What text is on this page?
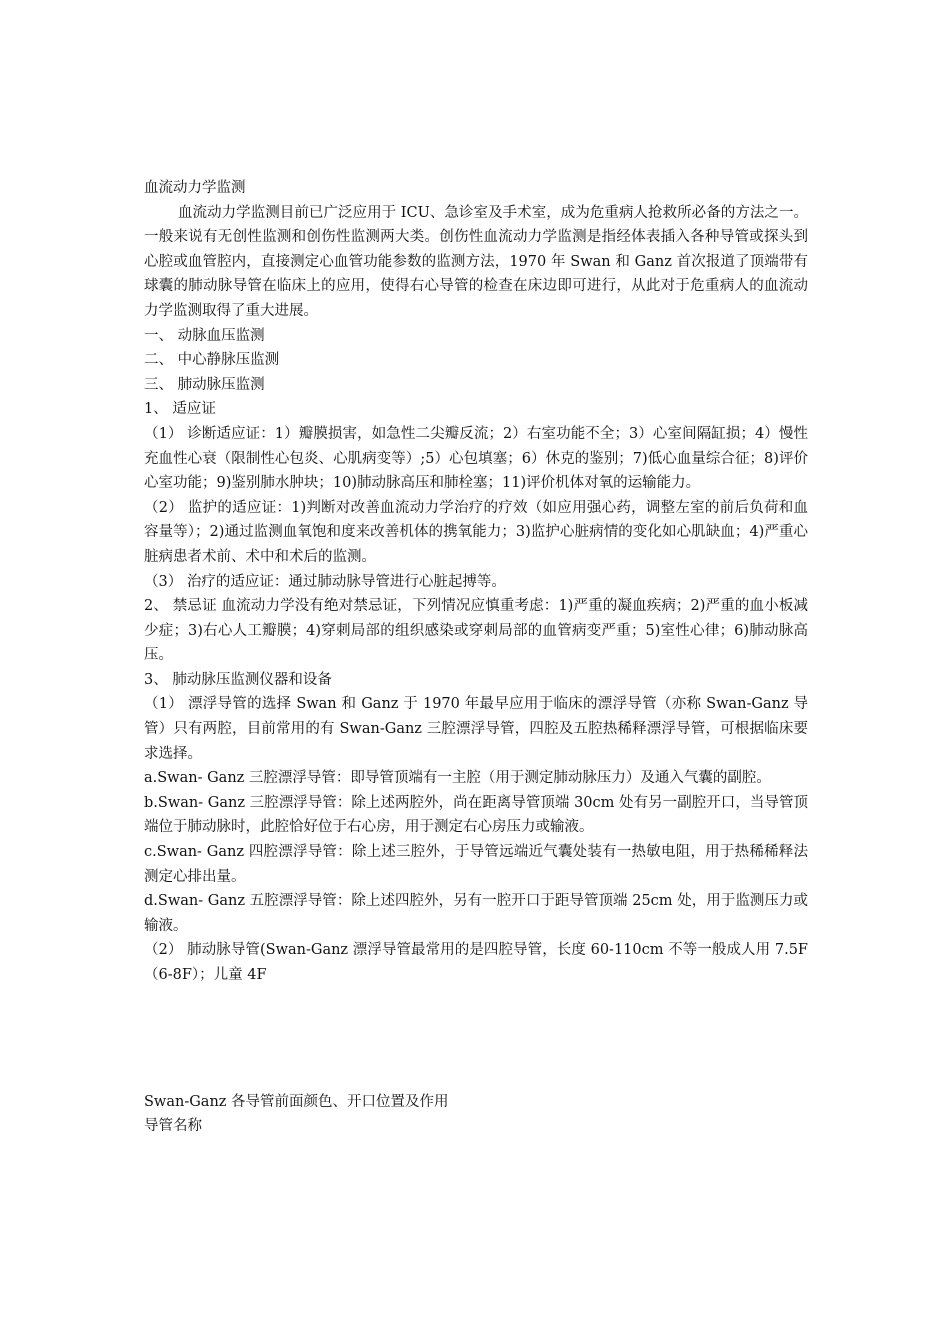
血流动力学监测

血流动力学监测目前已广泛应用于 ICU、急诊室及手术室，成为危重病人抢救所必备的方法之一。一般来说有无创性监测和创伤性监测两大类。创伤性血流动力学监测是指经体表插入各种导管或探头到心腔或血管腔内，直接测定心血管功能参数的监测方法，1970 年 Swan 和 Ganz 首次报道了顶端带有球囊的肺动脉导管在临床上的应用，使得右心导管的检查在床边即可进行，从此对于危重病人的血流动力学监测取得了重大进展。

一、 动脉血压监测

二、 中心静脉压监测

三、 肺动脉压监测

1、 适应证

（1） 诊断适应证：1）瓣膜损害，如急性二尖瓣反流；2）右室功能不全；3）心室间隔缸损；4）慢性充血性心衰（限制性心包炎、心肌病变等）;5）心包填塞；6）休克的鉴别；7)低心血量综合征；8)评价心室功能；9)鉴别肺水肿块；10)肺动脉高压和肺栓塞；11)评价机体对氧的运输能力。

（2） 监护的适应证：1)判断对改善血流动力学治疗的疗效（如应用强心药，调整左室的前后负荷和血容量等）；2)通过监测血氧饱和度来改善机体的携氧能力；3)监护心脏病情的变化如心肌缺血；4)严重心脏病患者术前、术中和术后的监测。

（3） 治疗的适应证：通过肺动脉导管进行心脏起搏等。

2、 禁忌证 血流动力学没有绝对禁忌证，下列情况应慎重考虑：1)严重的凝血疾病；2)严重的血小板减少症；3)右心人工瓣膜；4)穿刺局部的组织感染或穿刺局部的血管病变严重；5)室性心律；6)肺动脉高压。

3、 肺动脉压监测仪器和设备

（1） 漂浮导管的选择 Swan 和 Ganz 于 1970 年最早应用于临床的漂浮导管（亦称 Swan-Ganz 导管）只有两腔，目前常用的有 Swan-Ganz 三腔漂浮导管，四腔及五腔热稀释漂浮导管，可根据临床要求选择。

a.Swan- Ganz 三腔漂浮导管：即导管顶端有一主腔（用于测定肺动脉压力）及通入气囊的副腔。

b.Swan- Ganz 三腔漂浮导管：除上述两腔外，尚在距离导管顶端 30cm 处有另一副腔开口，当导管顶端位于肺动脉时，此腔恰好位于右心房，用于测定右心房压力或输液。

c.Swan- Ganz 四腔漂浮导管：除上述三腔外，于导管远端近气囊处装有一热敏电阻，用于热稀稀释法测定心排出量。

d.Swan- Ganz 五腔漂浮导管：除上述四腔外，另有一腔开口于距导管顶端 25cm 处，用于监测压力或输液。

（2） 肺动脉导管(Swan-Ganz 漂浮导管最常用的是四腔导管，长度 60-110cm 不等一般成人用 7.5F（6-8F）；儿童 4F

Swan-Ganz 各导管前面颜色、开口位置及作用

导管名称
